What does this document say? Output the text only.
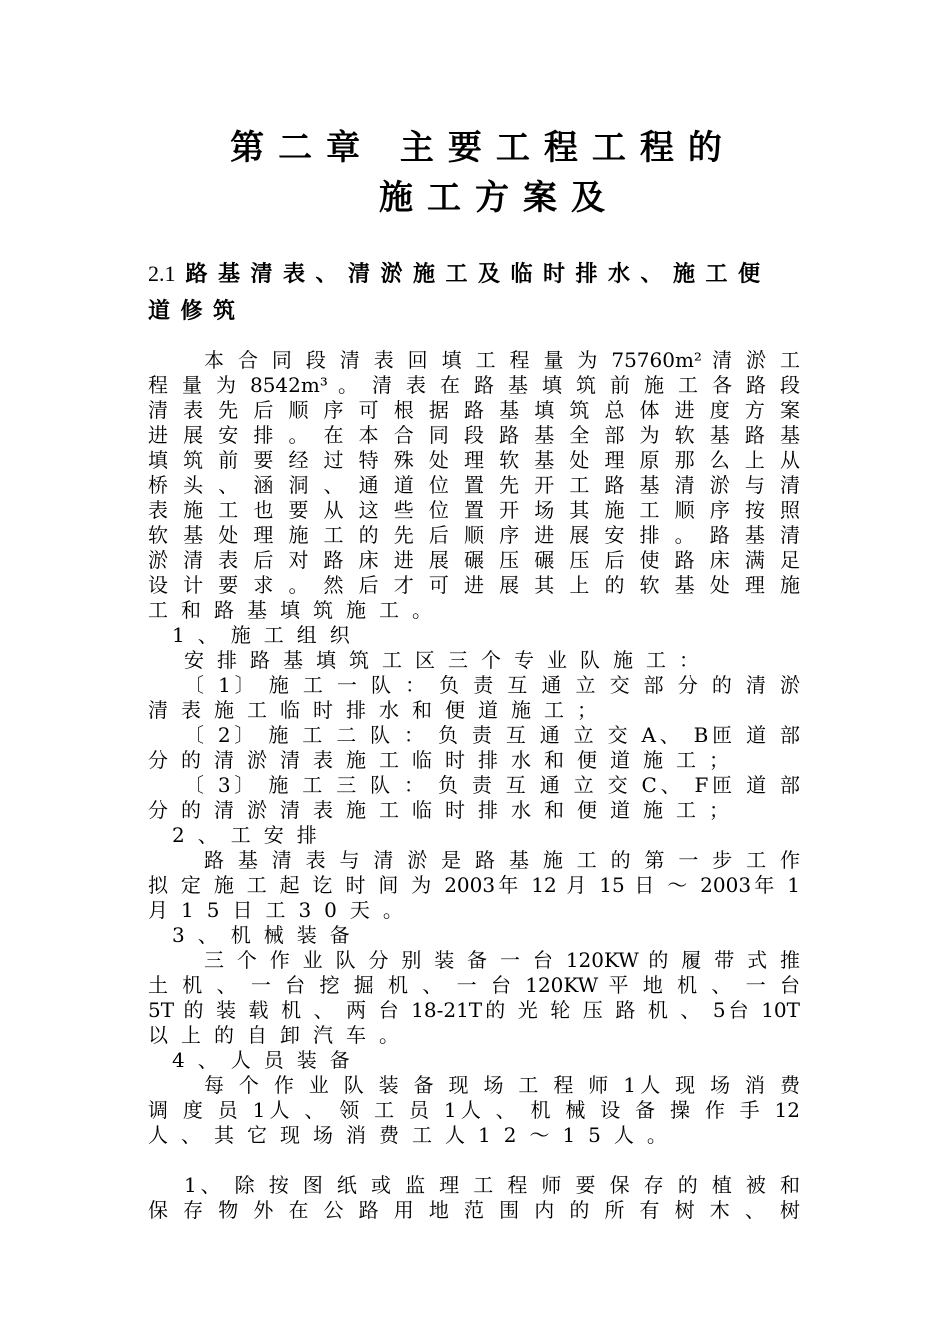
第二章 主要工程工程的
施工方案及
2.1 路基清表、清淤施工及临时排水、施工便
道修筑
本 合 同 段 清 表 回 填 工 程 量 为 75760m² 清 淤 工
程 量 为 8542m³ 。 清 表 在 路 基 填 筑 前 施 工 各 路 段
清 表 先 后 顺 序 可 根 据 路 基 填 筑 总 体 进 度 方 案
进 展 安 排 。 在 本 合 同 段 路 基 全 部 为 软 基 路 基
填 筑 前 要 经 过 特 殊 处 理 软 基 处 理 原 那 么 上 从
桥 头 、 涵 洞 、 通 道 位 置 先 开 工 路 基 清 淤 与 清
表 施 工 也 要 从 这 些 位 置 开 场 其 施 工 顺 序 按 照
软 基 处 理 施 工 的 先 后 顺 序 进 展 安 排 。 路 基 清
淤 清 表 后 对 路 床 进 展 碾 压 碾 压 后 使 路 床 满 足
设 计 要 求 。 然 后 才 可 进 展 其 上 的 软 基 处 理 施
工和路基填筑施工。
1、施工组织
安排路基填筑工区三个专业队施工：
〔 1〕 施 工 一 队 ： 负 责 互 通 立 交 部 分 的 清 淤
清表施工临时排水和便道施工；
〔 2〕 施 工 二 队 ： 负 责 互 通 立 交 A、 B匝 道 部
分的清淤清表施工临时排水和便道施工；
〔 3〕 施 工 三 队 ： 负 责 互 通 立 交 C、 F匝 道 部
分的清淤清表施工临时排水和便道施工；
2、工安排
路 基 清 表 与 清 淤 是 路 基 施 工 的 第 一 步 工 作
拟 定 施 工 起 讫 时 间 为 2003年 12 月 15 日 ～ 2003年 1
月15日工30天。
3、机械装备
三 个 作 业 队 分 别 装 备 一 台 120KW 的 履 带 式 推
土 机 、 一 台 挖 掘 机 、 一 台 120KW 平 地 机 、 一 台
5T 的 装 载 机 、 两 台 18-21T的 光 轮 压 路 机 、 5台 10T
以上的自卸汽车。
4、人员装备
每 个 作 业 队 装 备 现 场 工 程 师 1人 现 场 消 费
调 度 员 1人 、 领 工 员 1人 、 机 械 设 备 操 作 手 12
人、其它现场消费工人12～15人。
1、 除 按 图 纸 或 监 理 工 程 师 要 保 存 的 植 被 和
保 存 物 外 在 公 路 用 地 范 围 内 的 所 有 树 木 、 树
